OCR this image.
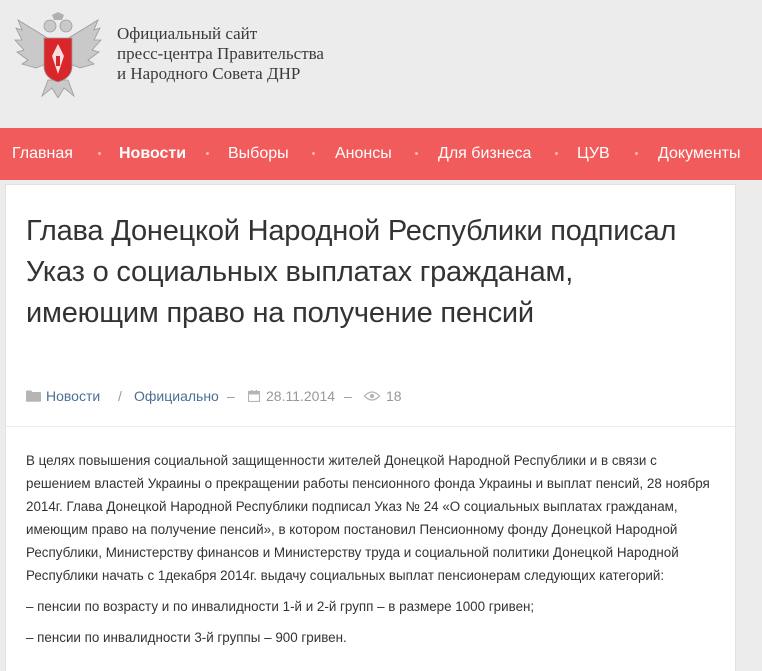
Официальный сайт
пресс-центра Правительства
и Народного Совета ДНР
Главная	Новости	Выборы	Анонсы	Для бизнеса	ЦУВ	Документы
Глава Донецкой Народной Республики подписал Указ о социальных выплатах гражданам, имеющим право на получение пенсий
Новости / Официально – 28.11.2014 – 18

В целях повышения социальной защищенности жителей Донецкой Народной Республики и в связи с решением властей Украины о прекращении работы пенсионного фонда Украины и выплат пенсий, 28 ноября 2014г. Глава Донецкой Народной Республики подписал Указ № 24 «О социальных выплатах гражданам, имеющим право на получение пенсий», в котором постановил Пенсионному фонду Донецкой Народной Республики, Министерству финансов и Министерству труда и социальной политики Донецкой Народной Республики начать с 1декабря 2014г. выдачу социальных выплат пенсионерам следующих категорий:

– пенсии по возрасту и по инвалидности 1-й и 2-й групп – в размере 1000 гривен;

– пенсии по инвалидности 3-й группы – 900 гривен.
